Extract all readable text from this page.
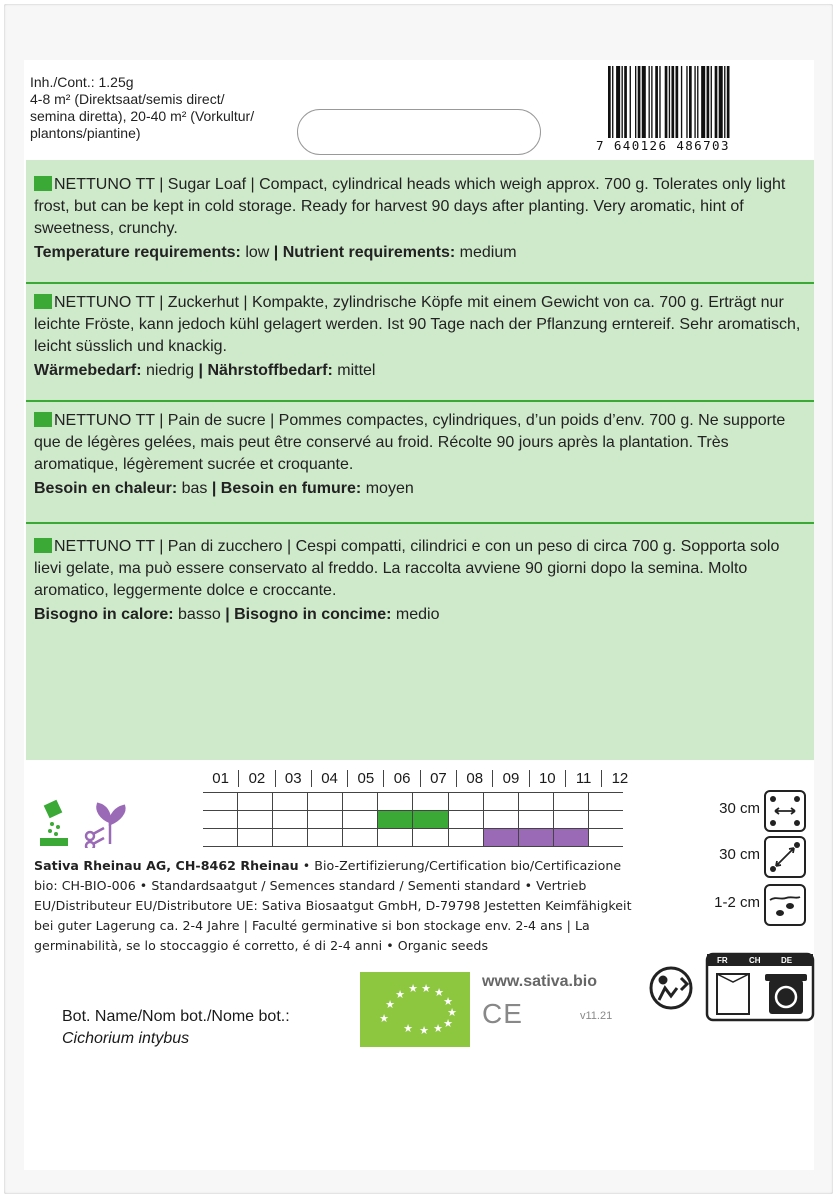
Inh./Cont.: 1.25g
4-8 m² (Direktsaat/semis direct/
semina diretta), 20-40 m² (Vorkultur/
plantons/piantine)
7 640126 486703

NETTUNO TT | Sugar Loaf | Compact, cylindrical heads which weigh approx. 700 g. Tolerates only light frost, but can be kept in cold storage. Ready for harvest 90 days after planting. Very aromatic, hint of sweetness, crunchy.

Temperature requirements: low | Nutrient requirements: medium

NETTUNO TT | Zuckerhut | Kompakte, zylindrische Köpfe mit einem Gewicht von ca. 700 g. Erträgt nur leichte Fröste, kann jedoch kühl gelagert werden. Ist 90 Tage nach der Pflanzung erntereif. Sehr aromatisch, leicht süsslich und knackig.

Wärmebedarf: niedrig | Nährstoffbedarf: mittel

NETTUNO TT | Pain de sucre | Pommes compactes, cylindriques, d’un poids d’env. 700 g. Ne supporte que de légères gelées, mais peut être conservé au froid. Récolte 90 jours après la plantation. Très aromatique, légèrement sucrée et croquante.

Besoin en chaleur: bas | Besoin en fumure: moyen

NETTUNO TT | Pan di zucchero | Cespi compatti, cilindrici e con un peso di circa 700 g. Sopporta solo lievi gelate, ma può essere conservato al freddo. La raccolta avviene 90 giorni dopo la semina. Molto aromatico, leggermente dolce e croccante.

Bisogno in calore: basso | Bisogno in concime: medio

01	02	03	04	05	06	07	08	09	10	11	12
30 cm
30 cm
1-2 cm
Sativa Rheinau AG, CH-8462 Rheinau • Bio-Zertifizierung/Certification bio/Certificazione bio: CH-BIO-006 • Standardsaatgut / Semences standard / Sementi standard • Vertrieb EU/Distributeur EU/Distributore UE: Sativa Biosaatgut GmbH, D-79798 Jestetten Keimfähigkeit bei guter Lagerung ca. 2-4 Jahre | Faculté germinative si bon stockage env. 2-4 ans | La germinabilità, se lo stoccaggio é corretto, é di 2-4 anni • Organic seeds
Bot. Name/Nom bot./Nome bot.:
Cichorium intybus
★
★
★ ★ ★ ★
★
★
★
★
★
★
www.sativa.bio
CE	v11.21
FR	CH	DE
